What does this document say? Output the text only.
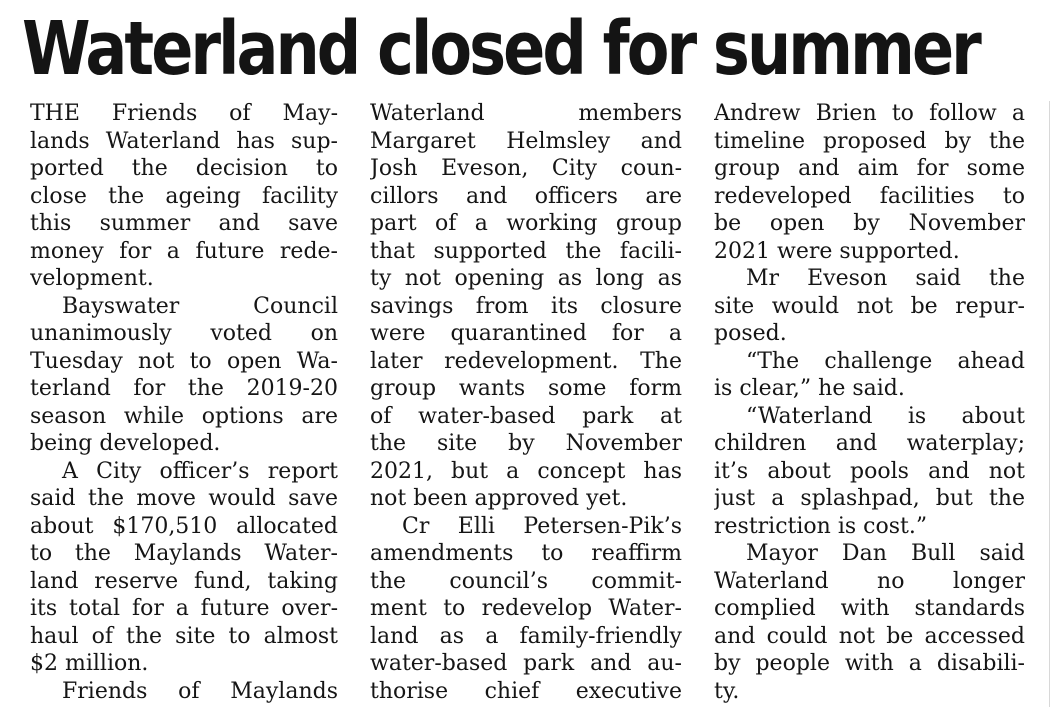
Waterland closed for summer
THE Friends of May-
lands Waterland has sup-
ported the decision to
close the ageing facility
this summer and save
money for a future rede-
velopment.
Bayswater Council
unanimously voted on
Tuesday not to open Wa-
terland for the 2019-20
season while options are
being developed.
A City officer’s report
said the move would save
about $170,510 allocated
to the Maylands Water-
land reserve fund, taking
its total for a future over-
haul of the site to almost
$2 million.
Friends of Maylands
Waterland members
Margaret Helmsley and
Josh Eveson, City coun-
cillors and officers are
part of a working group
that supported the facili-
ty not opening as long as
savings from its closure
were quarantined for a
later redevelopment. The
group wants some form
of water-based park at
the site by November
2021, but a concept has
not been approved yet.
Cr Elli Petersen-Pik’s
amendments to reaffirm
the council’s commit-
ment to redevelop Water-
land as a family-friendly
water-based park and au-
thorise chief executive
Andrew Brien to follow a
timeline proposed by the
group and aim for some
redeveloped facilities to
be open by November
2021 were supported.
Mr Eveson said the
site would not be repur-
posed.
“The challenge ahead
is clear,” he said.
“Waterland is about
children and waterplay;
it’s about pools and not
just a splashpad, but the
restriction is cost.”
Mayor Dan Bull said
Waterland no longer
complied with standards
and could not be accessed
by people with a disabili-
ty.
